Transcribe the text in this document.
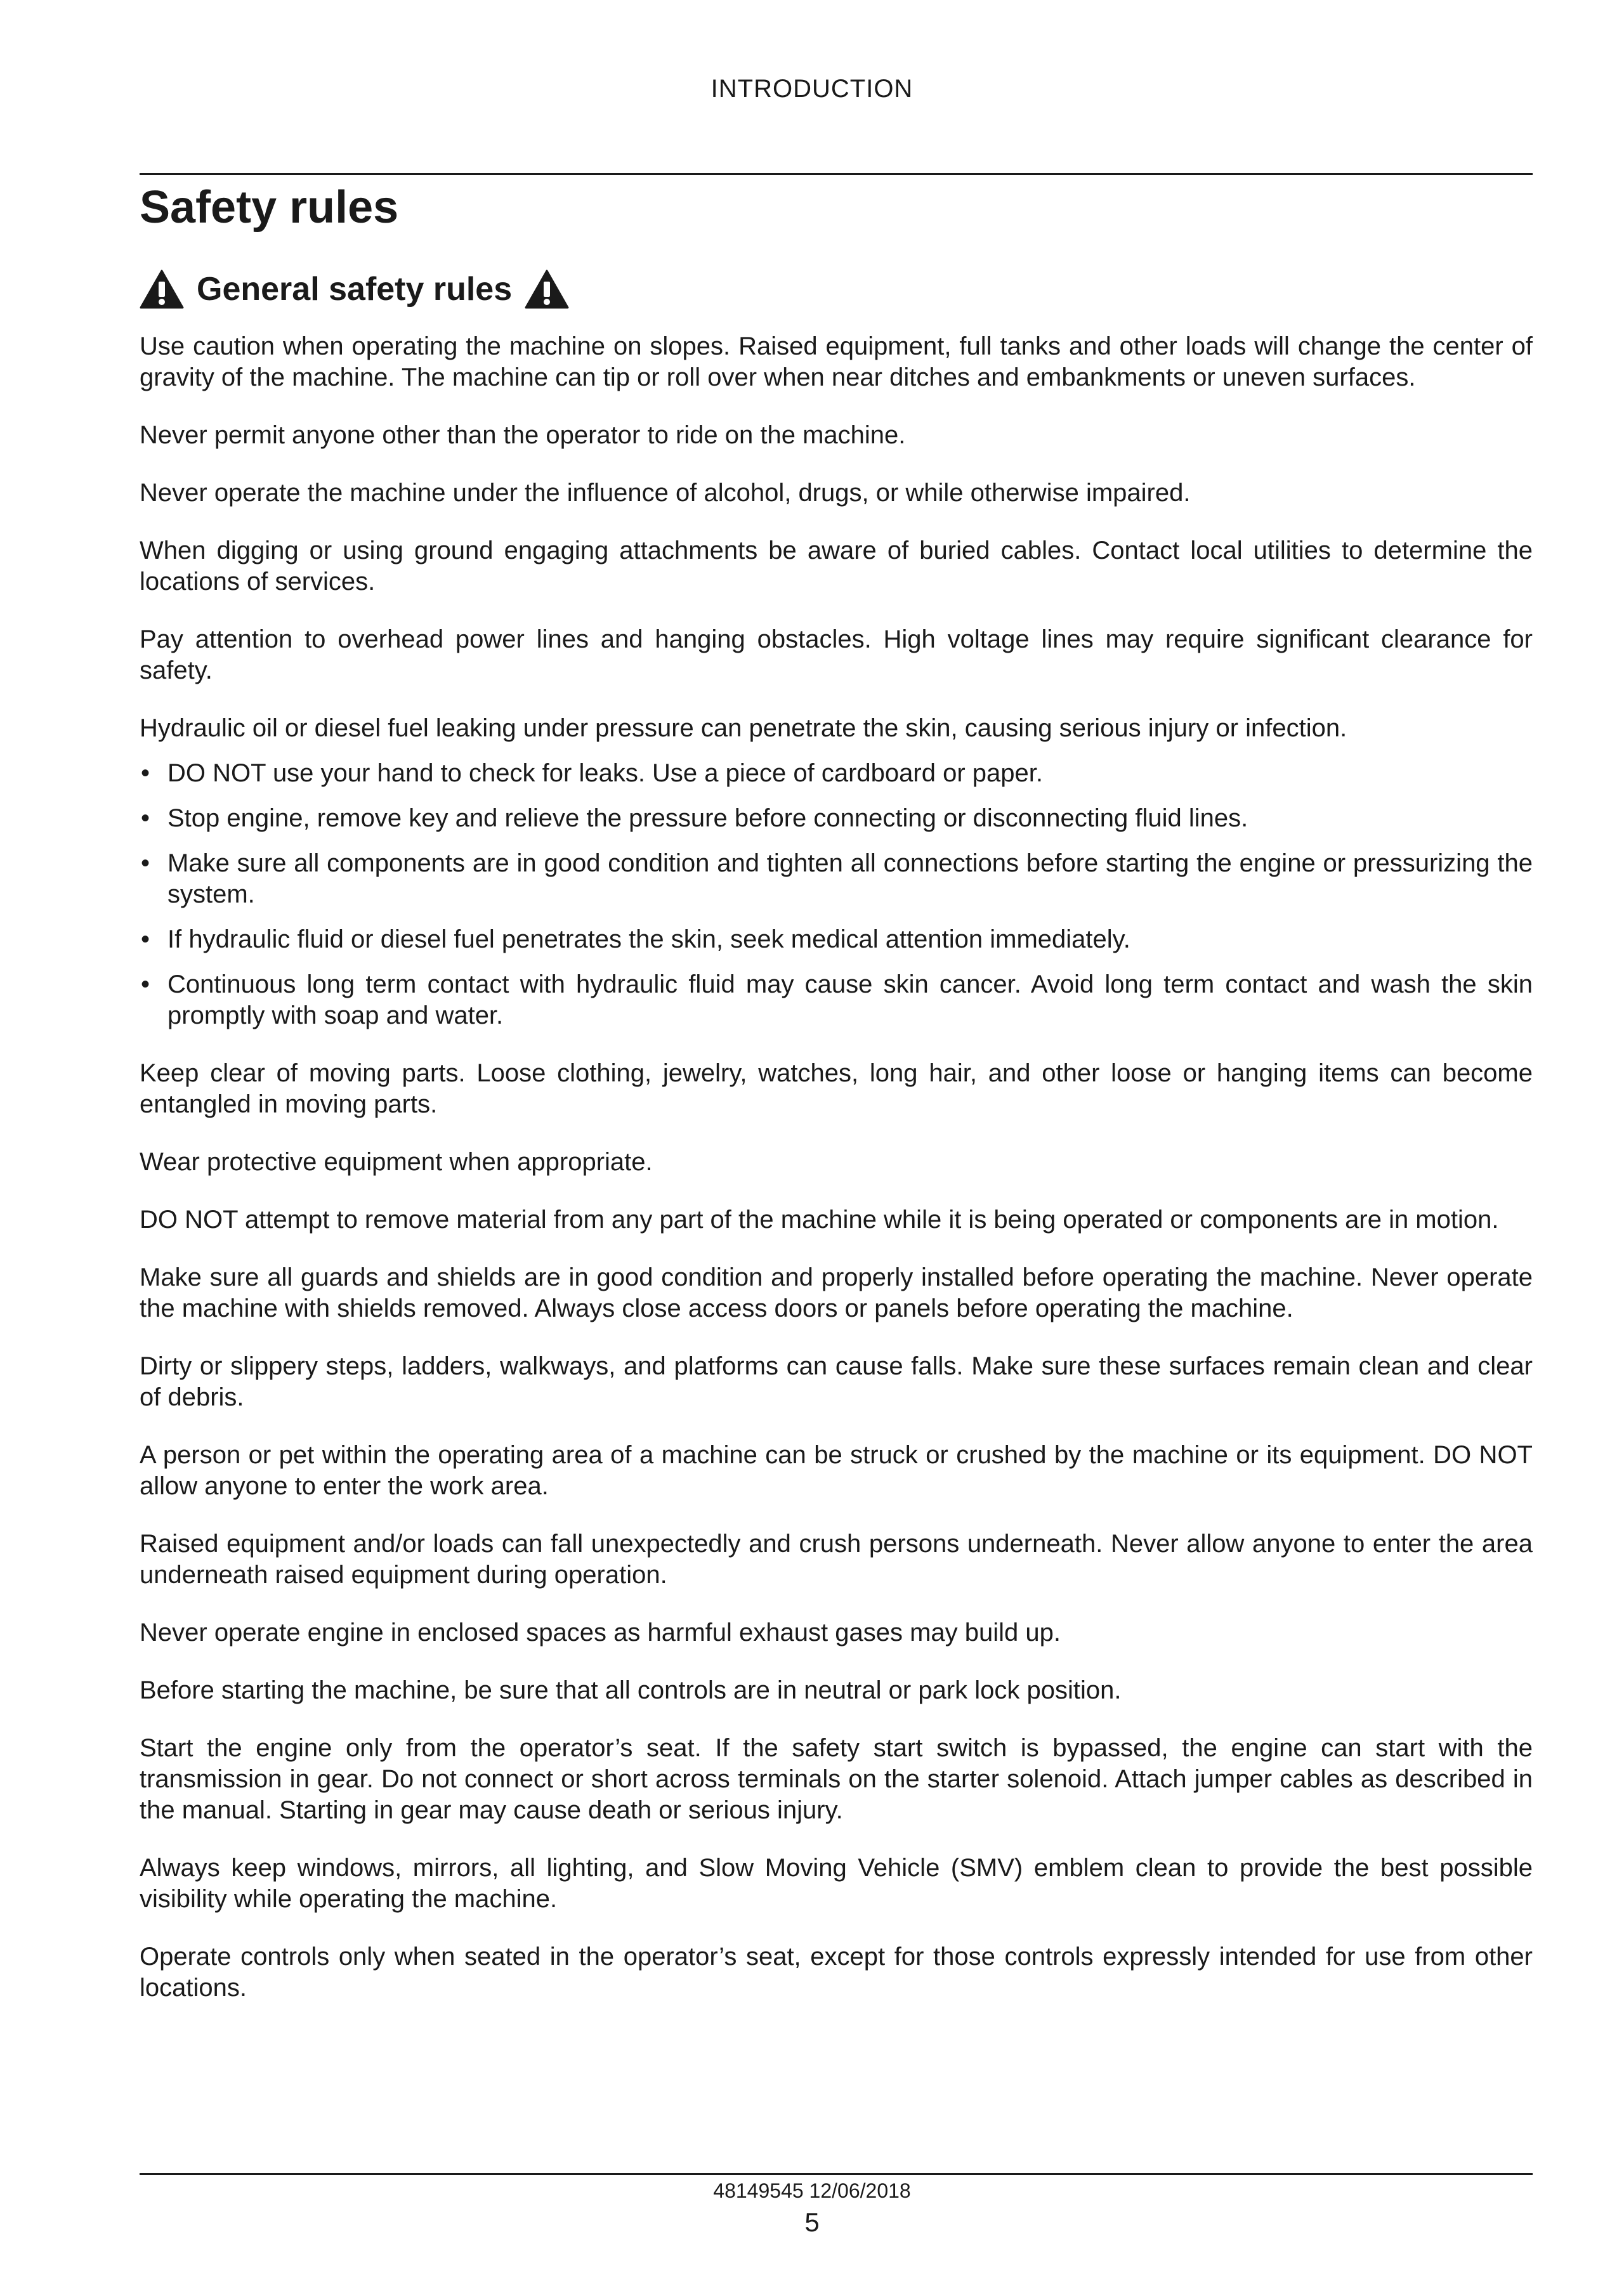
INTRODUCTION
Safety rules
General safety rules

Use caution when operating the machine on slopes. Raised equipment, full tanks and other loads will change the center of gravity of the machine. The machine can tip or roll over when near ditches and embankments or uneven surfaces.

Never permit anyone other than the operator to ride on the machine.

Never operate the machine under the influence of alcohol, drugs, or while otherwise impaired.

When digging or using ground engaging attachments be aware of buried cables. Contact local utilities to determine the locations of services.

Pay attention to overhead power lines and hanging obstacles. High voltage lines may require significant clearance for safety.

Hydraulic oil or diesel fuel leaking under pressure can penetrate the skin, causing serious injury or infection.

• DO NOT use your hand to check for leaks. Use a piece of cardboard or paper.
• Stop engine, remove key and relieve the pressure before connecting or disconnecting fluid lines.
• Make sure all components are in good condition and tighten all connections before starting the engine or pressurizing the system.
• If hydraulic fluid or diesel fuel penetrates the skin, seek medical attention immediately.
• Continuous long term contact with hydraulic fluid may cause skin cancer. Avoid long term contact and wash the skin promptly with soap and water.

Keep clear of moving parts. Loose clothing, jewelry, watches, long hair, and other loose or hanging items can become entangled in moving parts.

Wear protective equipment when appropriate.

DO NOT attempt to remove material from any part of the machine while it is being operated or components are in motion.

Make sure all guards and shields are in good condition and properly installed before operating the machine. Never operate the machine with shields removed. Always close access doors or panels before operating the machine.

Dirty or slippery steps, ladders, walkways, and platforms can cause falls. Make sure these surfaces remain clean and clear of debris.

A person or pet within the operating area of a machine can be struck or crushed by the machine or its equipment. DO NOT allow anyone to enter the work area.

Raised equipment and/or loads can fall unexpectedly and crush persons underneath. Never allow anyone to enter the area underneath raised equipment during operation.

Never operate engine in enclosed spaces as harmful exhaust gases may build up.

Before starting the machine, be sure that all controls are in neutral or park lock position.

Start the engine only from the operator’s seat. If the safety start switch is bypassed, the engine can start with the transmission in gear. Do not connect or short across terminals on the starter solenoid. Attach jumper cables as described in the manual. Starting in gear may cause death or serious injury.

Always keep windows, mirrors, all lighting, and Slow Moving Vehicle (SMV) emblem clean to provide the best possible visibility while operating the machine.

Operate controls only when seated in the operator’s seat, except for those controls expressly intended for use from other locations.

48149545 12/06/2018
5
